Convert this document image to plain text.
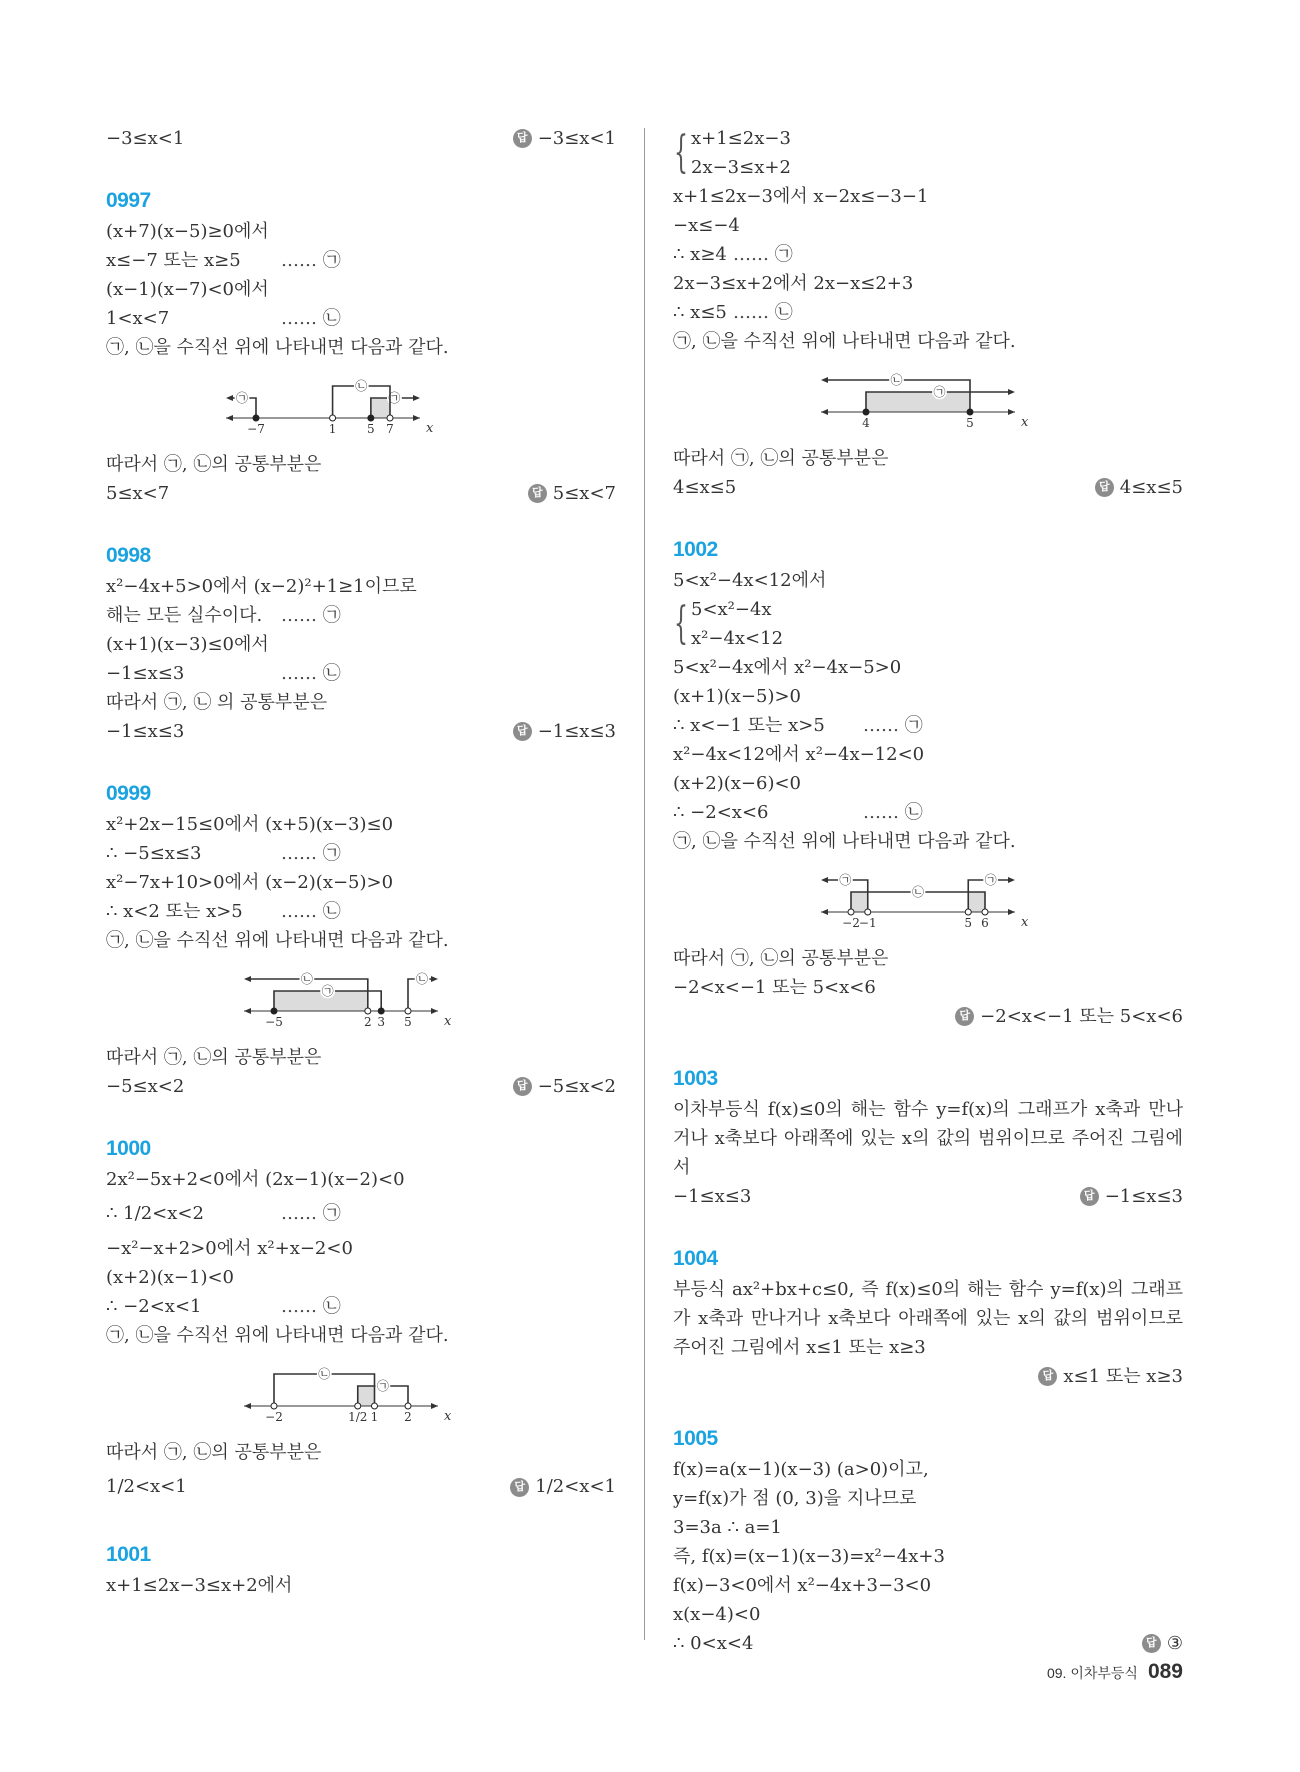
−3≤x<1	답 −3≤x<1
0997
(x+7)(x−5)≥0에서
x≤−7 또는 x≥5 …… ㉠
(x−1)(x−7)<0에서
1<x<7	…… ㉡
㉠, ㉡을 수직선 위에 나타내면 다음과 같다.
x
㉠	㉠
㉡
−7	1	5 7
따라서 ㉠, ㉡의 공통부분은
5≤x<7	답 5≤x<7
0998
x²−4x+5>0에서 (x−2)²+1≥1이므로
해는 모든 실수이다. …… ㉠
(x+1)(x−3)≤0에서
−1≤x≤3	…… ㉡
따라서 ㉠, ㉡ 의 공통부분은
−1≤x≤3	답 −1≤x≤3
0999
x²+2x−15≤0에서 (x+5)(x−3)≤0
∴ −5≤x≤3	…… ㉠
x²−7x+10>0에서 (x−2)(x−5)>0
∴ x<2 또는 x>5 …… ㉡
㉠, ㉡을 수직선 위에 나타내면 다음과 같다.
x
㉠
㉡	㉡
−5	2 3 5
따라서 ㉠, ㉡의 공통부분은
−5≤x<2	답 −5≤x<2
1000
2x²−5x+2<0에서 (2x−1)(x−2)<0
∴ 1/2<x<2	…… ㉠
−x²−x+2>0에서 x²+x−2<0
(x+2)(x−1)<0
∴ −2<x<1	…… ㉡
㉠, ㉡을 수직선 위에 나타내면 다음과 같다.
x
㉠
㉡
−2	1/2 1 2
따라서 ㉠, ㉡의 공통부분은
1/2<x<1	답 1/2<x<1
1001
x+1≤2x−3≤x+2에서
{ x+1≤2x−3
2x−3≤x+2
x+1≤2x−3에서 x−2x≤−3−1
−x≤−4
∴ x≥4 …… ㉠
2x−3≤x+2에서 2x−x≤2+3
∴ x≤5 …… ㉡
㉠, ㉡을 수직선 위에 나타내면 다음과 같다.
x
㉠
㉡
4	5
따라서 ㉠, ㉡의 공통부분은
4≤x≤5	답 4≤x≤5
1002
5<x²−4x<12에서
{ 5<x²−4x
x²−4x<12
5<x²−4x에서 x²−4x−5>0
(x+1)(x−5)>0
∴ x<−1 또는 x>5 …… ㉠
x²−4x<12에서 x²−4x−12<0
(x+2)(x−6)<0
∴ −2<x<6	…… ㉡
㉠, ㉡을 수직선 위에 나타내면 다음과 같다.
x
㉠	㉠
㉡
−2 −1	5 6
따라서 ㉠, ㉡의 공통부분은
−2<x<−1 또는 5<x<6
답 −2<x<−1 또는 5<x<6
1003
이차부등식 f(x)≤0의 해는 함수 y=f(x)의 그래프가 x축과 만나거나 x축보다 아래쪽에 있는 x의 값의 범위이므로 주어진 그림에서
−1≤x≤3	답 −1≤x≤3
1004
부등식 ax²+bx+c≤0, 즉 f(x)≤0의 해는 함수 y=f(x)의 그래프가 x축과 만나거나 x축보다 아래쪽에 있는 x의 값의 범위이므로 주어진 그림에서 x≤1 또는 x≥3
답 x≤1 또는 x≥3
1005
f(x)=a(x−1)(x−3) (a>0)이고,
y=f(x)가 점 (0, 3)을 지나므로
3=3a ∴ a=1
즉, f(x)=(x−1)(x−3)=x²−4x+3
f(x)−3<0에서 x²−4x+3−3<0
x(x−4)<0
∴ 0<x<4	답 ③
09. 이차부등식 089
